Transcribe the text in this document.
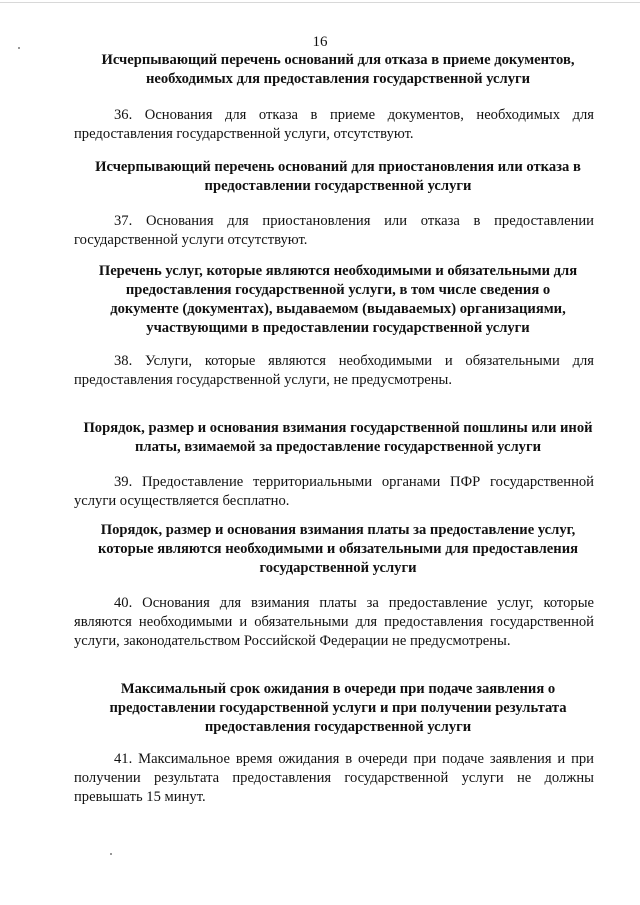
16
Исчерпывающий перечень оснований для отказа в приеме документов, необходимых для предоставления государственной услуги
36. Основания для отказа в приеме документов, необходимых для предоставления государственной услуги, отсутствуют.
Исчерпывающий перечень оснований для приостановления или отказа в предоставлении государственной услуги
37. Основания для приостановления или отказа в предоставлении государственной услуги отсутствуют.
Перечень услуг, которые являются необходимыми и обязательными для предоставления государственной услуги, в том числе сведения о документе (документах), выдаваемом (выдаваемых) организациями, участвующими в предоставлении государственной услуги
38. Услуги, которые являются необходимыми и обязательными для предоставления государственной услуги, не предусмотрены.
Порядок, размер и основания взимания государственной пошлины или иной платы, взимаемой за предоставление государственной услуги
39. Предоставление территориальными органами ПФР государственной услуги осуществляется бесплатно.
Порядок, размер и основания взимания платы за предоставление услуг, которые являются необходимыми и обязательными для предоставления государственной услуги
40. Основания для взимания платы за предоставление услуг, которые являются необходимыми и обязательными для предоставления государственной услуги, законодательством Российской Федерации не предусмотрены.
Максимальный срок ожидания в очереди при подаче заявления о предоставлении государственной услуги и при получении результата предоставления государственной услуги
41. Максимальное время ожидания в очереди при подаче заявления и при получении результата предоставления государственной услуги не должны превышать 15 минут.
